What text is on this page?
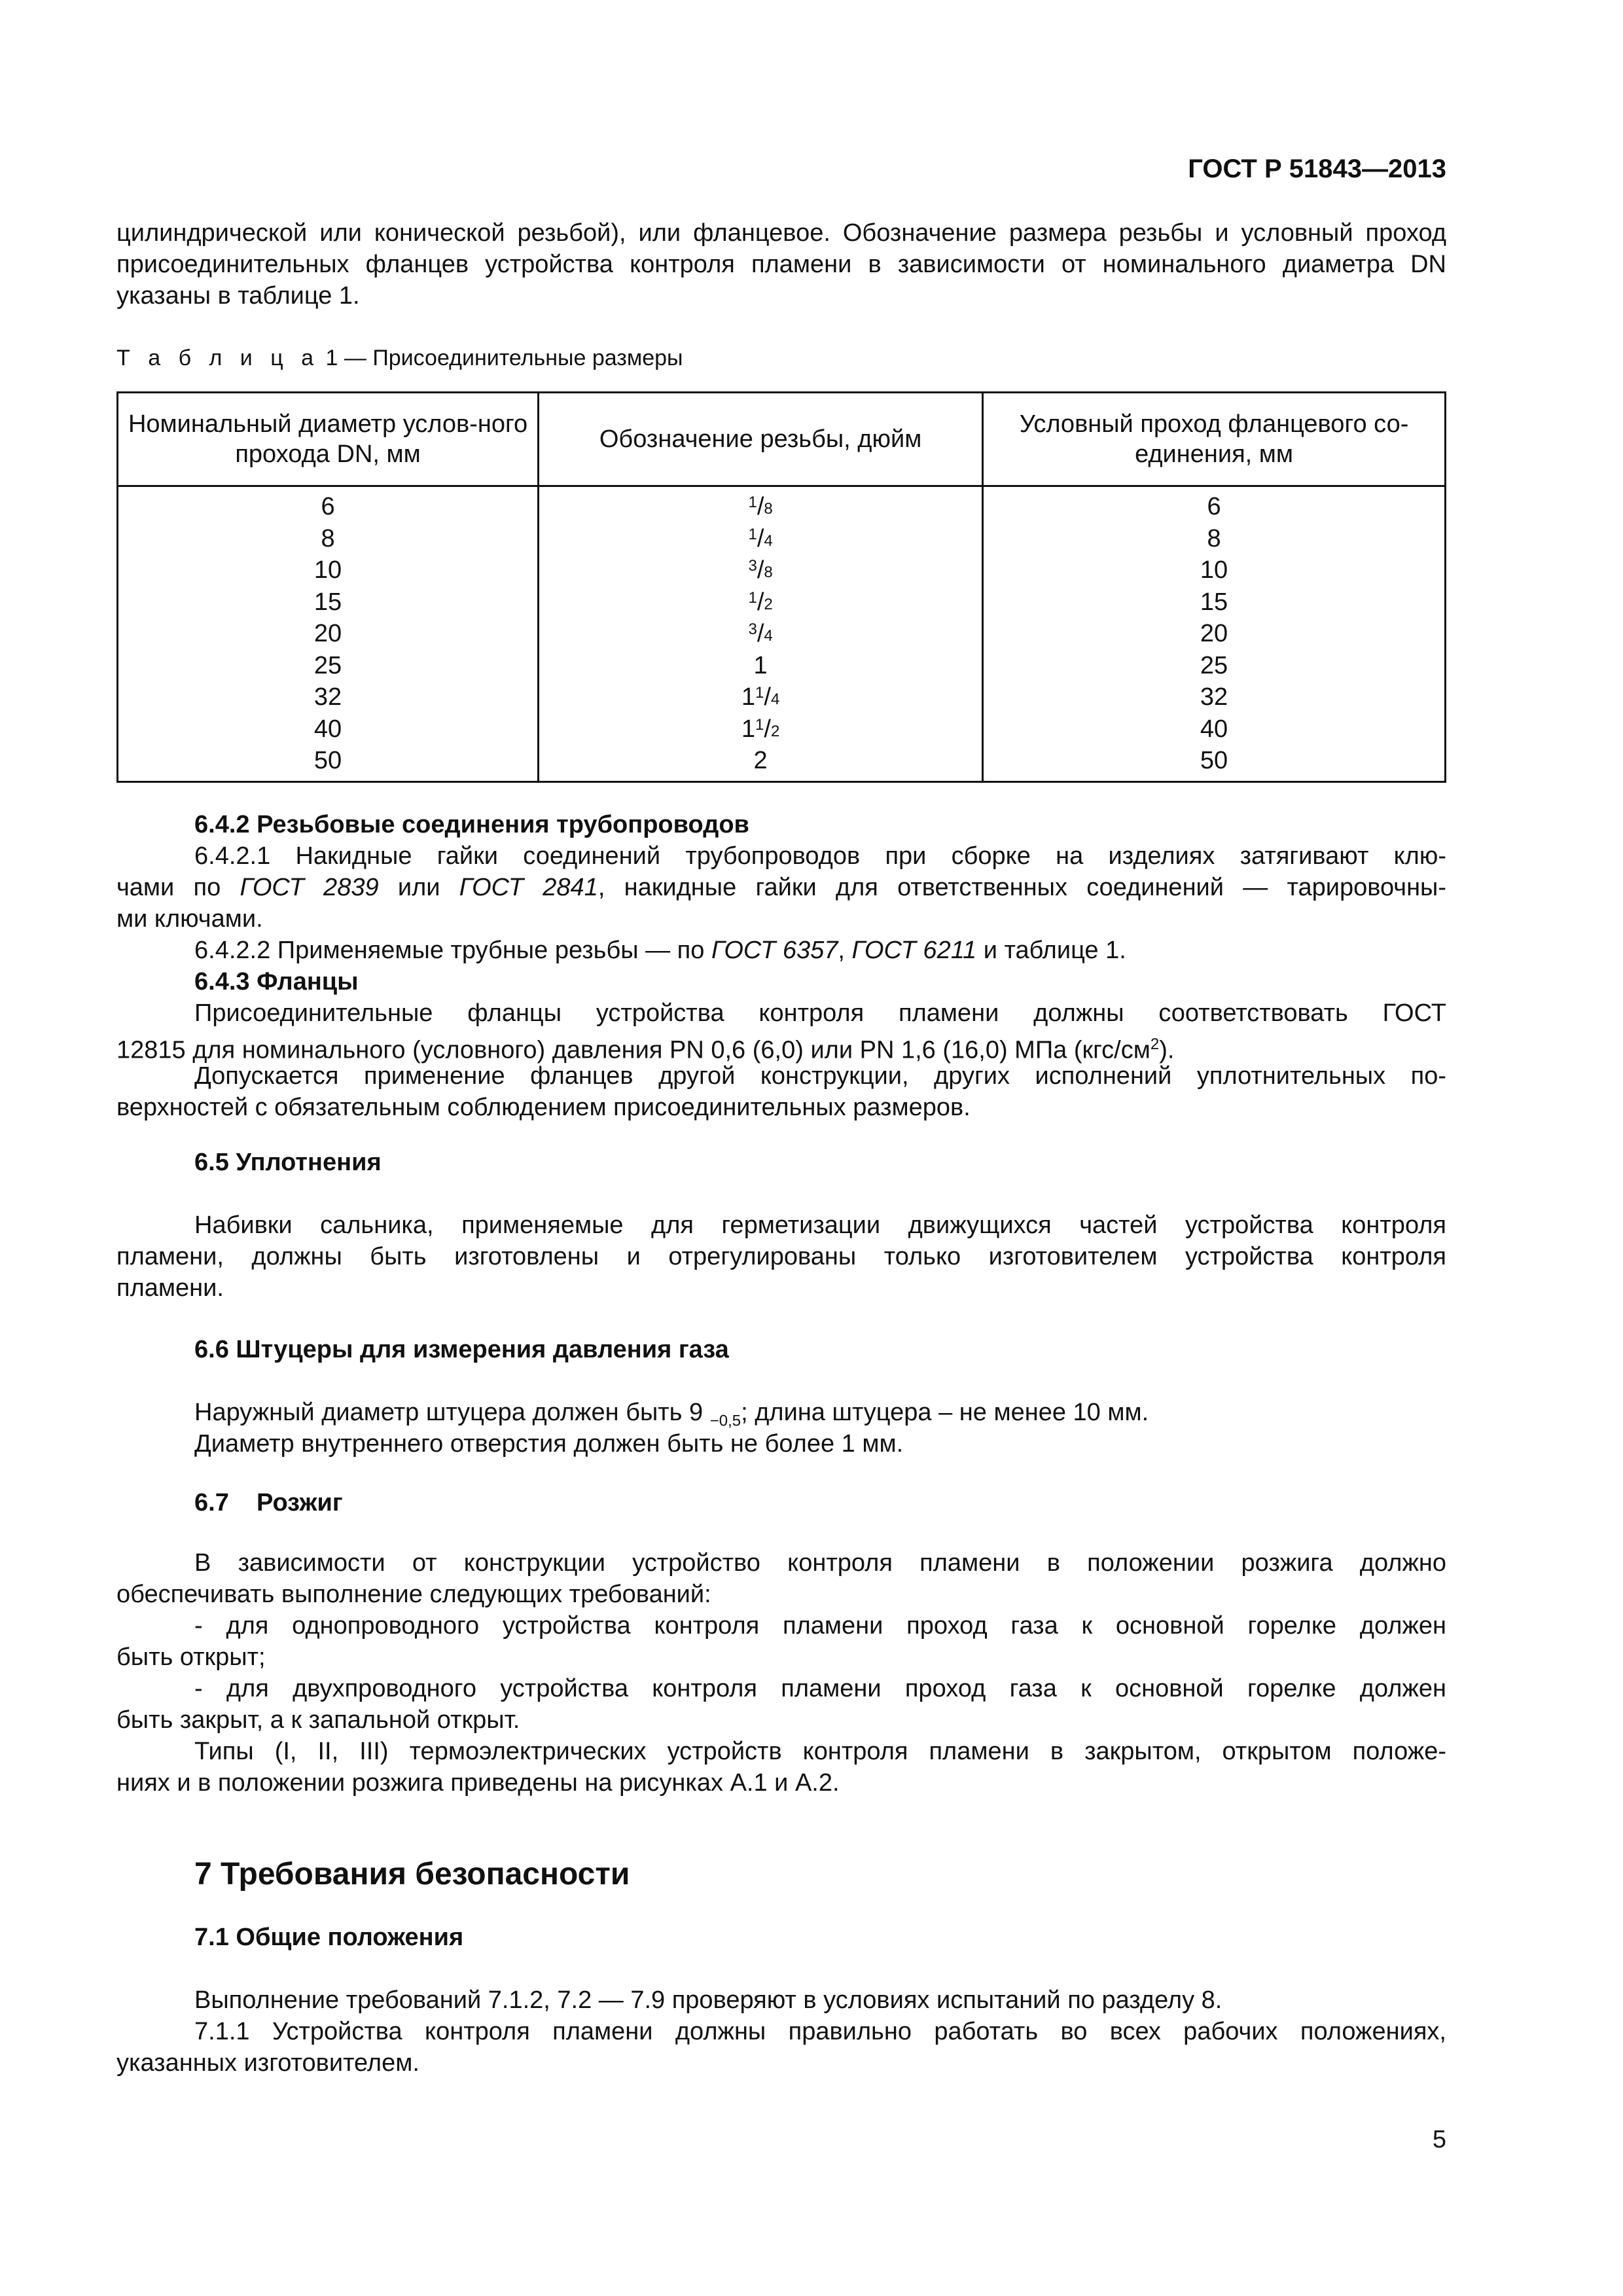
ГОСТ Р 51843—2013
цилиндрической или конической резьбой), или фланцевое. Обозначение размера резьбы и условный проход присоединительных фланцев устройства контроля пламени в зависимости от номинального диаметра DN указаны в таблице 1.
Т а б л и ц а 1 — Присоединительные размеры
Номинальный диаметр услов-ного прохода DN, мм	Обозначение резьбы, дюйм	Условный проход фланцевого со-единения, мм
6	$^1/_8$	6
8	$^1/_4$	8
10	$^3/_8$	10
15	$^1/_2$	15
20	$^3/_4$	20
25	1	25
32	$1^1/_4$	32
40	$1^1/_2$	40
50	2	50
6.4.2 Резьбовые соединения трубопроводов
6.4.2.1 Накидные гайки соединений трубопроводов при сборке на изделиях затягивают клю-
чами по ГОСТ 2839 или ГОСТ 2841, накидные гайки для ответственных соединений — тарировочны-
ми ключами.
6.4.2.2 Применяемые трубные резьбы — по ГОСТ 6357, ГОСТ 6211 и таблице 1.
6.4.3 Фланцы
Присоединительные фланцы устройства контроля пламени должны соответствовать ГОСТ
12815 для номинального (условного) давления PN 0,6 (6,0) или PN 1,6 (16,0) МПа $(кгс/см^2)$.
Допускается применение фланцев другой конструкции, других исполнений уплотнительных по-
верхностей с обязательным соблюдением присоединительных размеров.
6.5 Уплотнения
Набивки сальника, применяемые для герметизации движущихся частей устройства контроля
пламени, должны быть изготовлены и отрегулированы только изготовителем устройства контроля
пламени.
6.6 Штуцеры для измерения давления газа
Наружный диаметр штуцера должен быть 9 $_{-0,5}$; длина штуцера – не менее 10 мм.
Диаметр внутреннего отверстия должен быть не более 1 мм.
6.7    Розжиг
В зависимости от конструкции устройство контроля пламени в положении розжига должно
обеспечивать выполнение следующих требований:
- для однопроводного устройства контроля пламени проход газа к основной горелке должен
быть открыт;
- для двухпроводного устройства контроля пламени проход газа к основной горелке должен
быть закрыт, а к запальной открыт.
Типы (I, II, III) термоэлектрических устройств контроля пламени в закрытом, открытом положе-
ниях и в положении розжига приведены на рисунках А.1 и А.2.
7 Требования безопасности
7.1 Общие положения
Выполнение требований 7.1.2, 7.2 — 7.9 проверяют в условиях испытаний по разделу 8.
7.1.1 Устройства контроля пламени должны правильно работать во всех рабочих положениях,
указанных изготовителем.
5
